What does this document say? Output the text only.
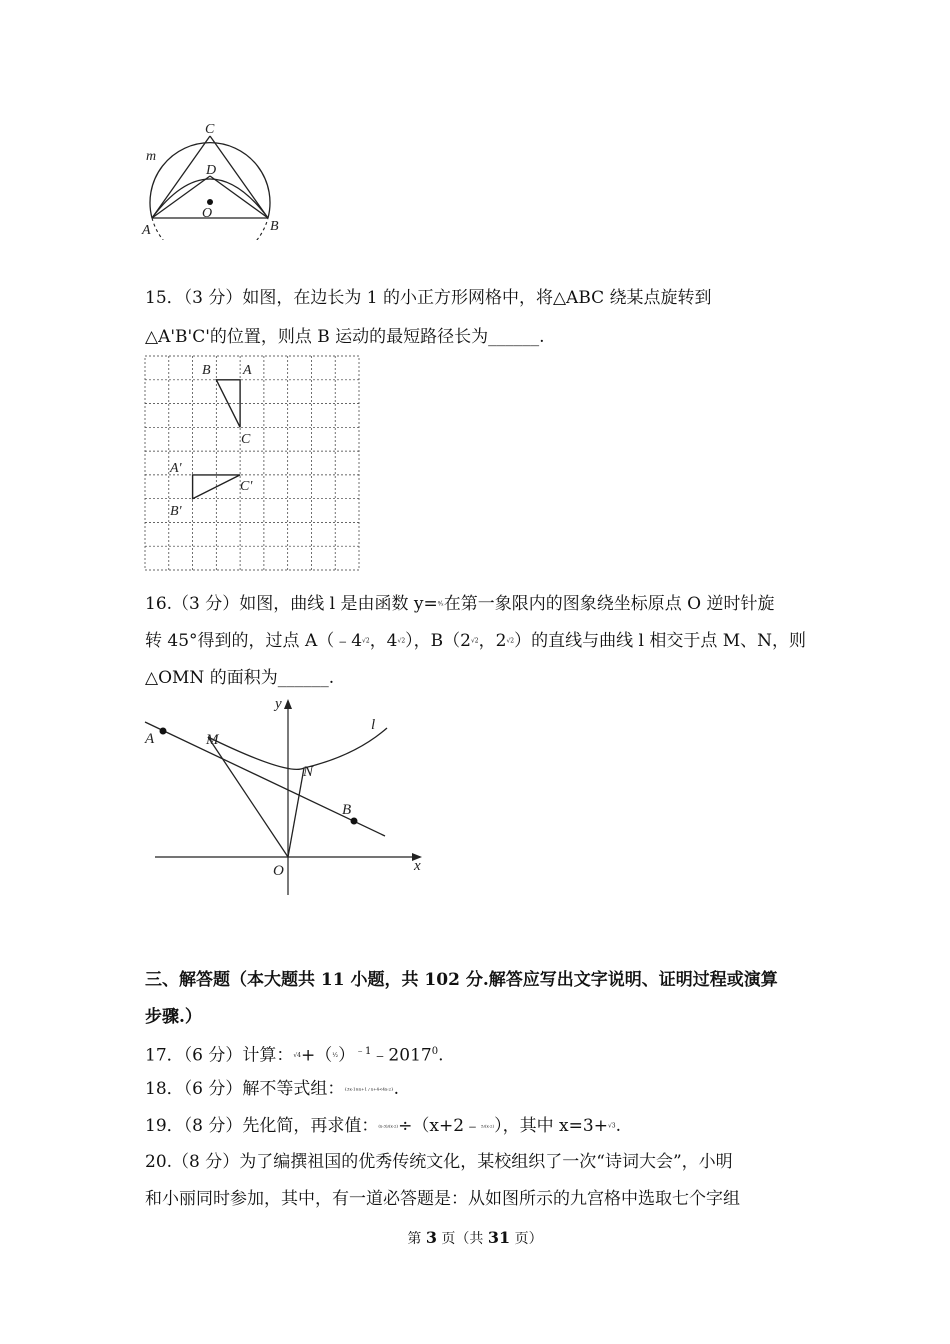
C
m
D
O
A	B
15．（3 分）如图，在边长为 1 的小正方形网格中，将△ABC 绕某点旋转到
△A'B'C'的位置，则点 B 运动的最短路径长为______.
B A
C
A'
C'
B'
16.（3 分）如图，曲线 l 是由函数 y=⁸⁄ₓ在第一象限内的图象绕坐标原点 O 逆时针旋
转 45°得到的，过点 A（﹣4√2，4√2），B（2√2，2√2）的直线与曲线 l 相交于点 M、N，则
△OMN 的面积为______.
y
l
A	M
N
B
O	x
三、解答题（本大题共 11 小题，共 102 分.解答应写出文字说明、证明过程或演算
步骤.）
17．（6 分）计算：$√4+(^1⁄_2)^{﹣1}﹣2017^0$.
18．（6 分）解不等式组：{3x-1≥x+1 / x+4<4x-2}.
19．（8 分）先化简，再求值：(x-3)/(x-2)÷（x+2﹣5/(x-2)），其中 x=3+√3.
20.（8 分）为了编撰祖国的优秀传统文化，某校组织了一次“诗词大会”，小明
和小丽同时参加，其中，有一道必答题是：从如图所示的九宫格中选取七个字组
第 3 页（共 31 页）
